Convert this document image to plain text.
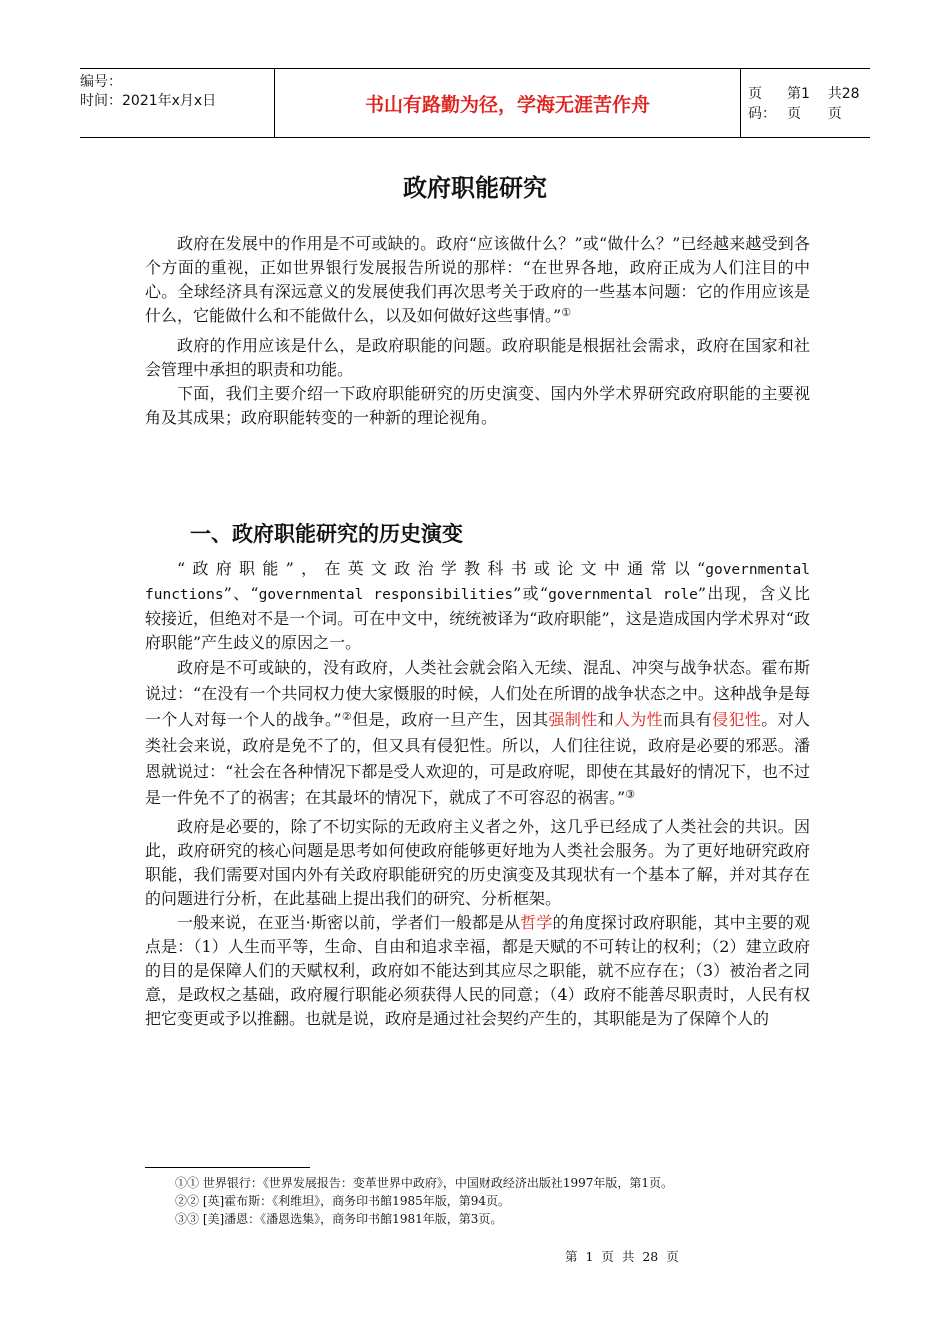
编号：
时间：2021年x月x日	书山有路勤为径，学海无涯苦作舟	页码：
第1页
共28页
政府职能研究

政府在发展中的作用是不可或缺的。政府“应该做什么？”或“做什么？”已经越来越受到各个方面的重视，正如世界银行发展报告所说的那样：“在世界各地，政府正成为人们注目的中心。全球经济具有深远意义的发展使我们再次思考关于政府的一些基本问题：它的作用应该是什么，它能做什么和不能做什么，以及如何做好这些事情。”①

政府的作用应该是什么，是政府职能的问题。政府职能是根据社会需求，政府在国家和社会管理中承担的职责和功能。

下面，我们主要介绍一下政府职能研究的历史演变、国内外学术界研究政府职能的主要视角及其成果；政府职能转变的一种新的理论视角。

一、政府职能研究的历史演变

“政府职能”，在英文政治学教科书或论文中通常以“governmental functions”、“governmental responsibilities”或“governmental role”出现，含义比较接近，但绝对不是一个词。可在中文中，统统被译为“政府职能”，这是造成国内学术界对“政府职能”产生歧义的原因之一。

政府是不可或缺的，没有政府，人类社会就会陷入无续、混乱、冲突与战争状态。霍布斯说过：“在没有一个共同权力使大家慑服的时候，人们处在所谓的战争状态之中。这种战争是每一个人对每一个人的战争。”②但是，政府一旦产生，因其强制性和人为性而具有侵犯性。对人类社会来说，政府是免不了的，但又具有侵犯性。所以，人们往往说，政府是必要的邪恶。潘恩就说过：“社会在各种情况下都是受人欢迎的，可是政府呢，即使在其最好的情况下，也不过是一件免不了的祸害；在其最坏的情况下，就成了不可容忍的祸害。”③

政府是必要的，除了不切实际的无政府主义者之外，这几乎已经成了人类社会的共识。因此，政府研究的核心问题是思考如何使政府能够更好地为人类社会服务。为了更好地研究政府职能，我们需要对国内外有关政府职能研究的历史演变及其现状有一个基本了解，并对其存在的问题进行分析，在此基础上提出我们的研究、分析框架。

一般来说，在亚当·斯密以前，学者们一般都是从哲学的角度探讨政府职能，其中主要的观点是：（1）人生而平等，生命、自由和追求幸福，都是天赋的不可转让的权利；（2）建立政府的目的是保障人们的天赋权利，政府如不能达到其应尽之职能，就不应存在；（3）被治者之同意，是政权之基础，政府履行职能必须获得人民的同意；（4）政府不能善尽职责时，人民有权把它变更或予以推翻。也就是说，政府是通过社会契约产生的，其职能是为了保障个人的

①① 世界银行：《世界发展报告：变革世界中政府》，中国财政经济出版社1997年版，第1页。
②② [英]霍布斯：《利维坦》，商务印书館1985年版，第94页。
③③ [美]潘恩：《潘恩选集》，商务印书館1981年版，第3页。
第 1 页 共 28 页
